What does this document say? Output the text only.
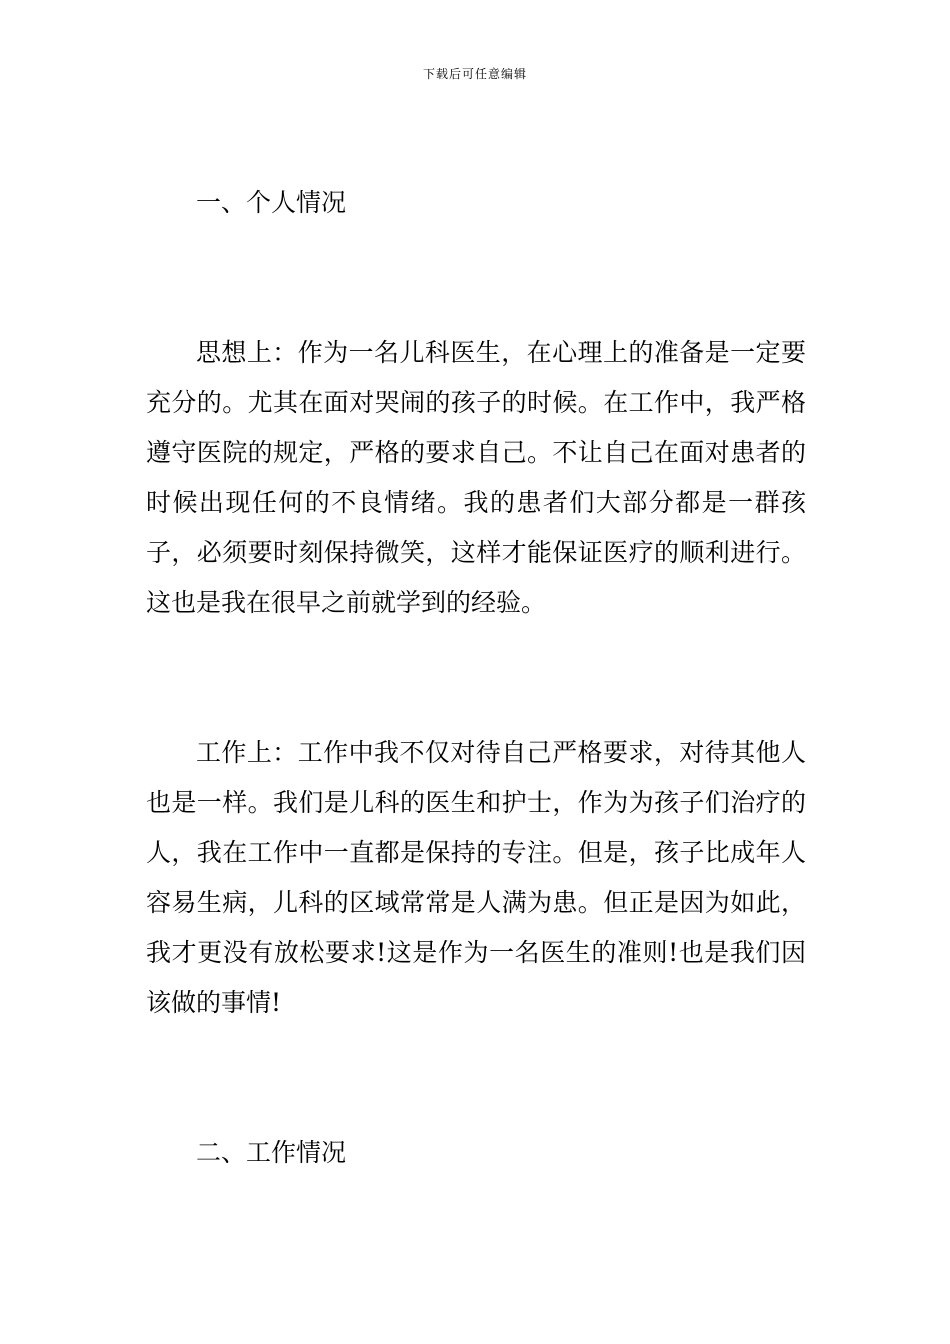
下载后可任意编辑
一、个人情况

思想上：作为一名儿科医生，在心理上的准备是一定要充分的。尤其在面对哭闹的孩子的时候。在工作中，我严格遵守医院的规定，严格的要求自己。不让自己在面对患者的时候出现任何的不良情绪。我的患者们大部分都是一群孩子，必须要时刻保持微笑，这样才能保证医疗的顺利进行。这也是我在很早之前就学到的经验。

工作上：工作中我不仅对待自己严格要求，对待其他人也是一样。我们是儿科的医生和护士，作为为孩子们治疗的人，我在工作中一直都是保持的专注。但是，孩子比成年人容易生病，儿科的区域常常是人满为患。但正是因为如此，我才更没有放松要求!这是作为一名医生的准则!也是我们因该做的事情!

二、工作情况
